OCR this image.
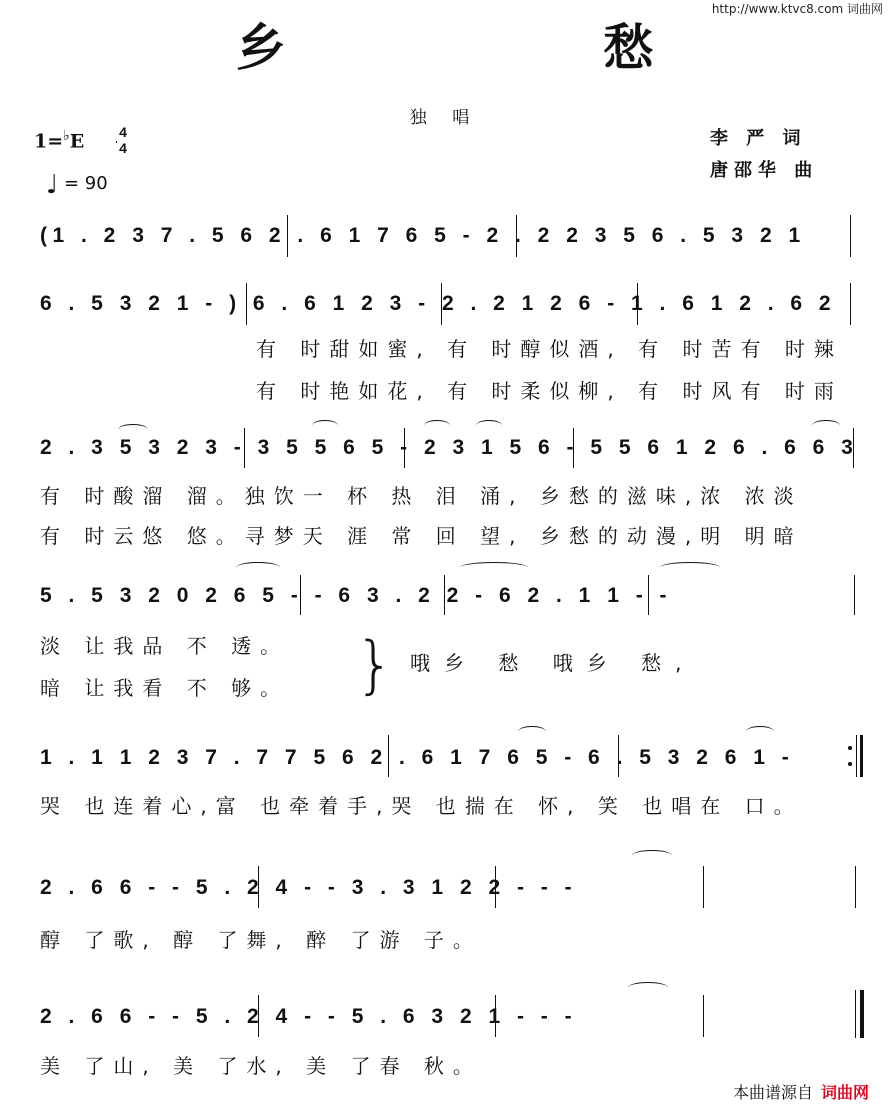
http://www.ktvc8.com 词曲网
乡 愁
独 唱
1=♭E 4
4
♩ = 90
李 严 词
唐邵华 曲
(1 . 2 3 7 . 5 6 2 . 6 1 7 6 5 - 2 . 2 2 3 5 6 . 5 3 2 1
6 . 5 3 2 1 - ) 6 . 6 1 2 3 - 2 . 2 1 2 6 - 1 . 6 1 2 . 6 2
有 时甜如蜜, 有 时醇似酒, 有 时苦有 时辣
有 时艳如花, 有 时柔似柳, 有 时风有 时雨
2 . 3 5 3 2 3 - 3 5 5 6 5 - 2 3 1 5 6 - 5 5 6 1 2 6 . 6 6 3
有 时酸溜 溜。独饮一 杯 热 泪 涌, 乡愁的滋味,浓 浓淡
有 时云悠 悠。寻梦天 涯 常 回 望, 乡愁的动漫,明 明暗
5 . 5 3 2 0 2 6 5 - - 6 3 . 2 2 - 6 2 . 1 1 - -
淡 让我品 不 透。
暗 让我看 不 够。 } 哦乡 愁 哦乡 愁,
1 . 1 1 2 3 7 . 7 7 5 6 2 . 6 1 7 6 5 - 6 . 5 3 2 6 1 -
哭 也连着心,富 也牵着手,哭 也揣在 怀, 笑 也唱在 口。
2 . 6 6 - - 5 . 2 4 - - 3 . 3 1 2 2 - - -
醇 了歌, 醇 了舞, 醉 了游 子。
2 . 6 6 - - 5 . 2 4 - - 5 . 6 3 2 1 - - -
美 了山, 美 了水, 美 了春 秋。
本曲谱源自 词曲网
